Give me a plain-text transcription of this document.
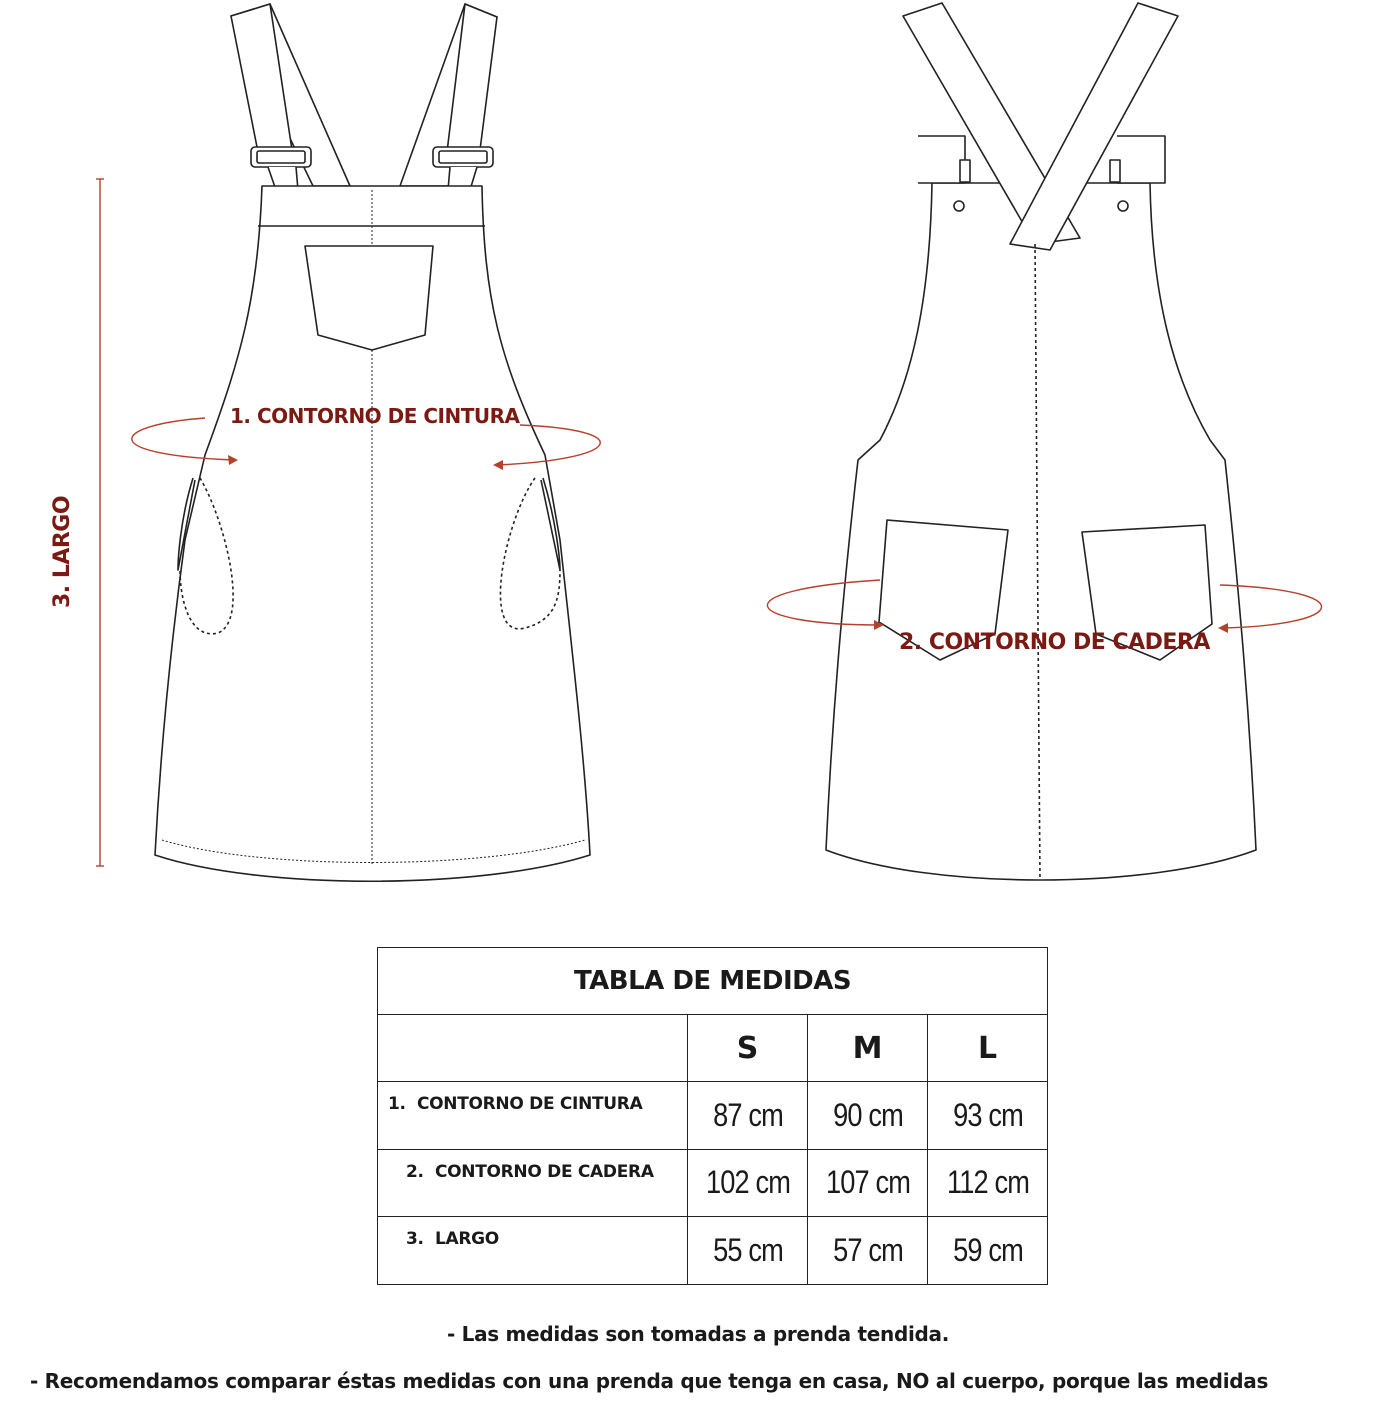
1. CONTORNO DE CINTURA
2. CONTORNO DE CADERA
3. LARGO
TABLA DE MEDIDAS			
	S	M	L
1. CONTORNO DE CINTURA	87 cm	90 cm	93 cm
2. CONTORNO DE CADERA	102 cm	107 cm	112 cm
3. LARGO	55 cm	57 cm	59 cm
- Las medidas son tomadas a prenda tendida.
- Recomendamos comparar éstas medidas con una prenda que tenga en casa, NO al cuerpo, porque las medidas
